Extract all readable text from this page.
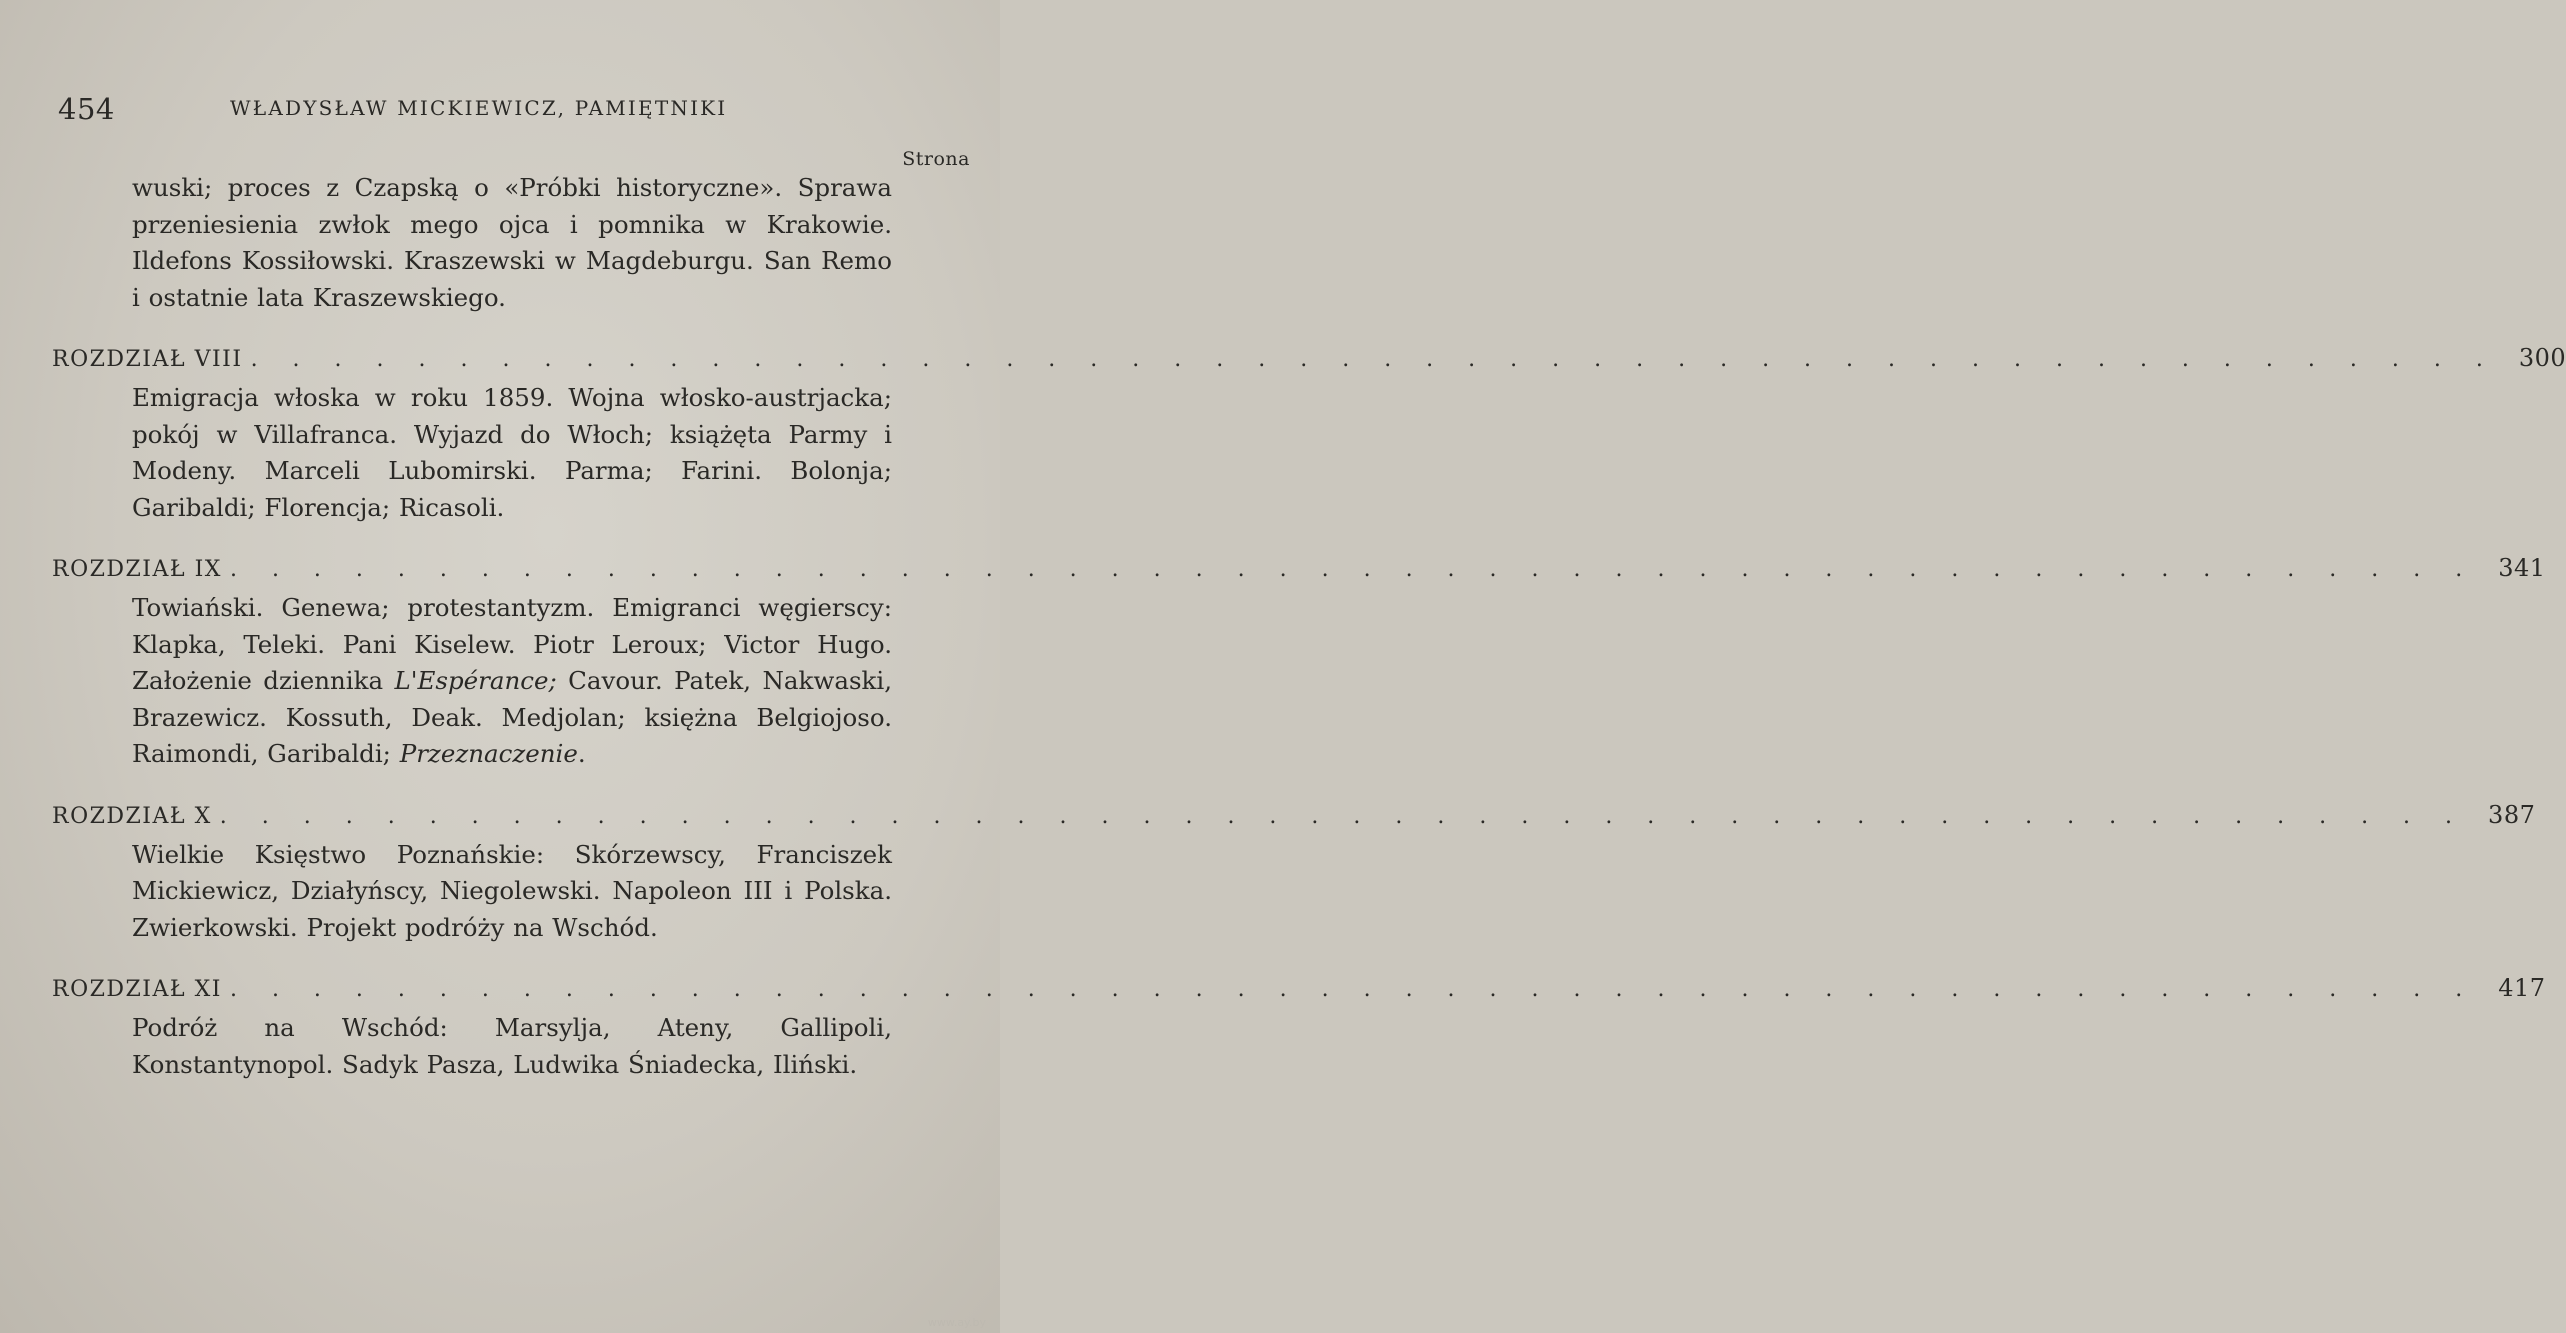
454	WŁADYSŁAW MICKIEWICZ, PAMIĘTNIKI
Strona
wuski; proces z Czapską o «Próbki historyczne». Sprawa przeniesienia zwłok mego ojca i pomnika w Krakowie. Ildefons Kossiłowski. Kraszewski w Magdeburgu. San Remo i ostatnie lata Kraszewskiego.
ROZDZIAŁ VIII . . . . . . . . . . . . . . . . . . . . . . . . . . . . . . . . . . . . . . . . . . . . . . . . . . . . . . 300
Emigracja włoska w roku 1859. Wojna włosko-austrjacka; pokój w Villafranca. Wyjazd do Włoch; książęta Parmy i Modeny. Marceli Lubomirski. Parma; Farini. Bolonja; Garibaldi; Florencja; Ricasoli.
ROZDZIAŁ IX . . . . . . . . . . . . . . . . . . . . . . . . . . . . . . . . . . . . . . . . . . . . . . . . . . . . . . 341
Towiański. Genewa; protestantyzm. Emigranci węgierscy: Klapka, Teleki. Pani Kiselew. Piotr Leroux; Victor Hugo. Założenie dziennika L'Espérance; Cavour. Patek, Nakwaski, Brazewicz. Kossuth, Deak. Medjolan; księżna Belgiojoso. Raimondi, Garibaldi; Przeznaczenie.
ROZDZIAŁ X . . . . . . . . . . . . . . . . . . . . . . . . . . . . . . . . . . . . . . . . . . . . . . . . . . . . . . 387
Wielkie Księstwo Poznańskie: Skórzewscy, Franciszek Mickiewicz, Działyńscy, Niegolewski. Napoleon III i Polska. Zwierkowski. Projekt podróży na Wschód.
ROZDZIAŁ XI . . . . . . . . . . . . . . . . . . . . . . . . . . . . . . . . . . . . . . . . . . . . . . . . . . . . . . 417
Podróż na Wschód: Marsylja, Ateny, Gallipoli, Konstantynopol. Sadyk Pasza, Ludwika Śniadecka, Iliński.
www.ay.by
